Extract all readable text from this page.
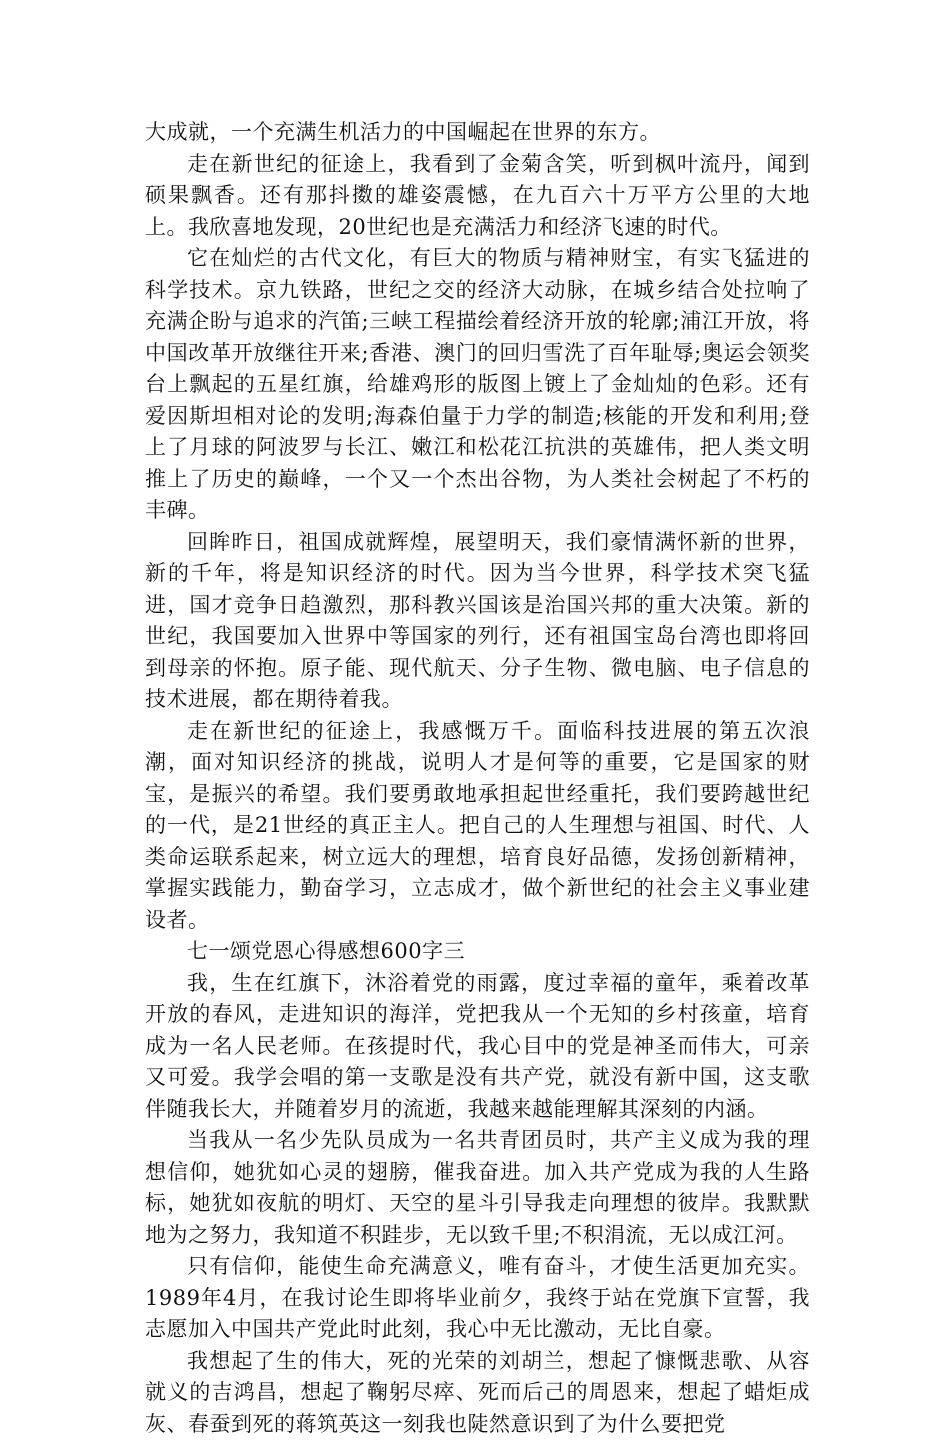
大成就，一个充满生机活力的中国崛起在世界的东方。

走在新世纪的征途上，我看到了金菊含笑，听到枫叶流丹，闻到硕果飘香。还有那抖擞的雄姿震憾，在九百六十万平方公里的大地上。我欣喜地发现，20世纪也是充满活力和经济飞速的时代。

它在灿烂的古代文化，有巨大的物质与精神财宝，有实飞猛进的科学技术。京九铁路，世纪之交的经济大动脉，在城乡结合处拉响了充满企盼与追求的汽笛;三峡工程描绘着经济开放的轮廓;浦江开放，将中国改革开放继往开来;香港、澳门的回归雪洗了百年耻辱;奥运会领奖台上飘起的五星红旗，给雄鸡形的版图上镀上了金灿灿的色彩。还有爱因斯坦相对论的发明;海森伯量于力学的制造;核能的开发和利用;登上了月球的阿波罗与长江、嫩江和松花江抗洪的英雄伟，把人类文明推上了历史的巅峰，一个又一个杰出谷物，为人类社会树起了不朽的丰碑。

回眸昨日，祖国成就辉煌，展望明天，我们豪情满怀新的世界，新的千年，将是知识经济的时代。因为当今世界，科学技术突飞猛进，国才竞争日趋激烈，那科教兴国该是治国兴邦的重大决策。新的世纪，我国要加入世界中等国家的列行，还有祖国宝岛台湾也即将回到母亲的怀抱。原子能、现代航天、分子生物、微电脑、电子信息的技术进展，都在期待着我。

走在新世纪的征途上，我感慨万千。面临科技进展的第五次浪潮，面对知识经济的挑战，说明人才是何等的重要，它是国家的财宝，是振兴的希望。我们要勇敢地承担起世经重托，我们要跨越世纪的一代，是21世经的真正主人。把自己的人生理想与祖国、时代、人类命运联系起来，树立远大的理想，培育良好品德，发扬创新精神，掌握实践能力，勤奋学习，立志成才，做个新世纪的社会主义事业建设者。

七一颂党恩心得感想600字三

我，生在红旗下，沐浴着党的雨露，度过幸福的童年，乘着改革开放的春风，走进知识的海洋，党把我从一个无知的乡村孩童，培育成为一名人民老师。在孩提时代，我心目中的党是神圣而伟大，可亲又可爱。我学会唱的第一支歌是没有共产党，就没有新中国，这支歌伴随我长大，并随着岁月的流逝，我越来越能理解其深刻的内涵。

当我从一名少先队员成为一名共青团员时，共产主义成为我的理想信仰，她犹如心灵的翅膀，催我奋进。加入共产党成为我的人生路标，她犹如夜航的明灯、天空的星斗引导我走向理想的彼岸。我默默地为之努力，我知道不积跬步，无以致千里;不积涓流，无以成江河。

只有信仰，能使生命充满意义，唯有奋斗，才使生活更加充实。1989年4月，在我讨论生即将毕业前夕，我终于站在党旗下宣誓，我志愿加入中国共产党此时此刻，我心中无比激动，无比自豪。

我想起了生的伟大，死的光荣的刘胡兰，想起了慷慨悲歌、从容就义的吉鸿昌，想起了鞠躬尽瘁、死而后己的周恩来，想起了蜡炬成灰、春蚕到死的蒋筑英这一刻我也陡然意识到了为什么要把党
